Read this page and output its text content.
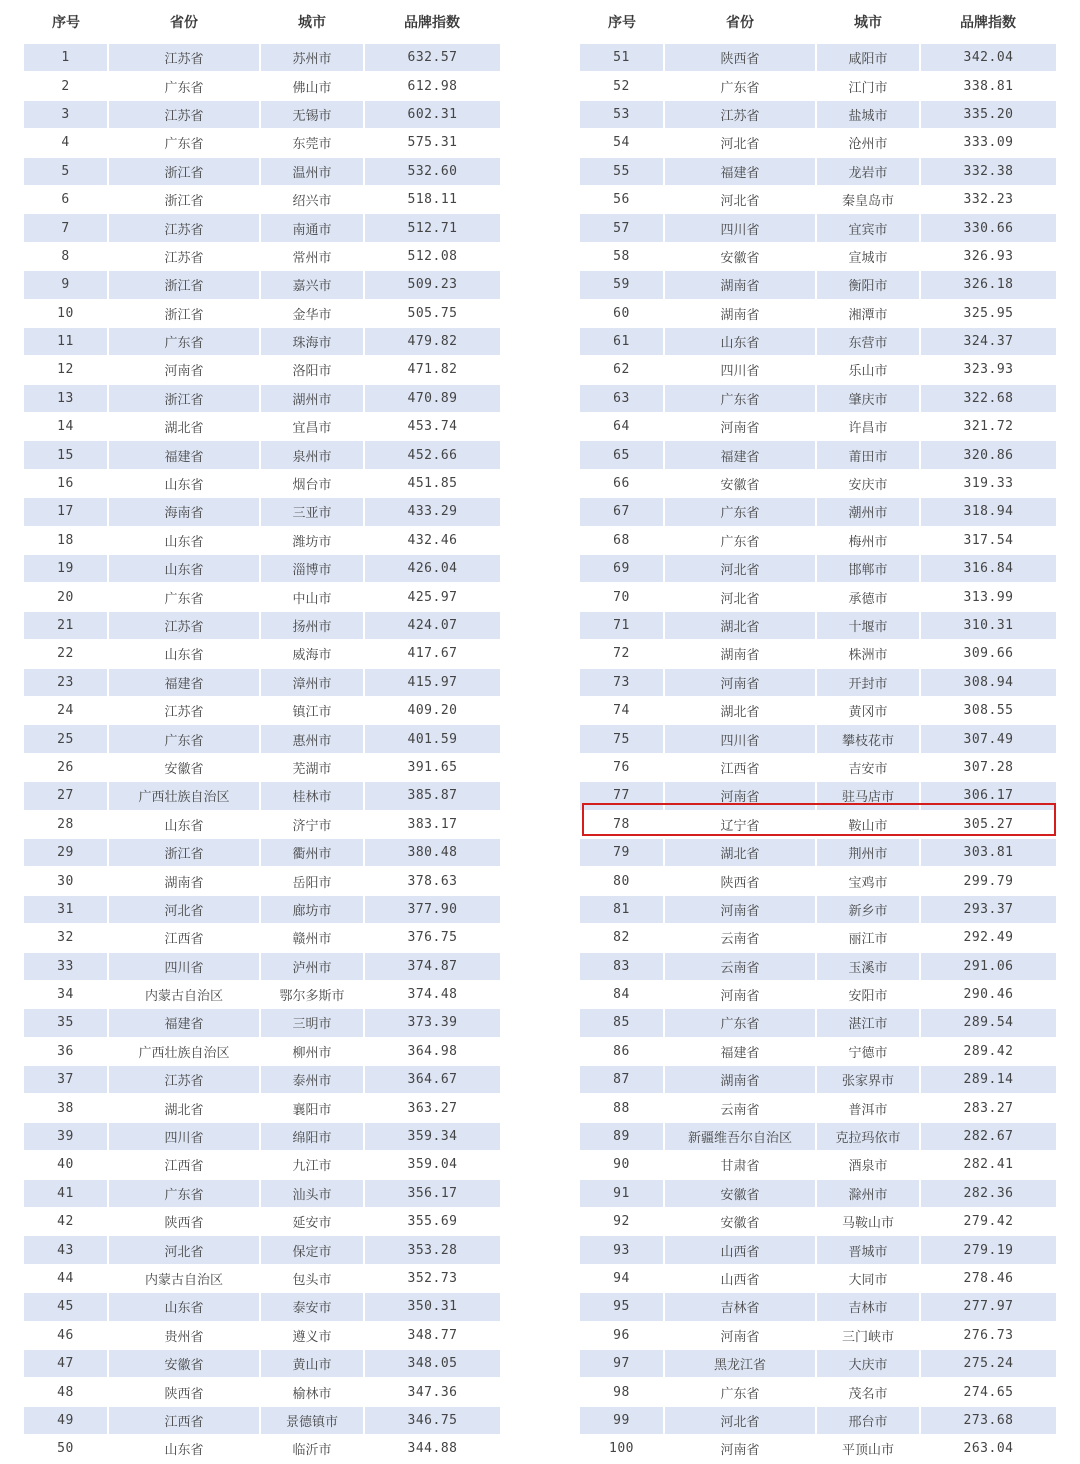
序号	省份	城市	品牌指数
1	江苏省	苏州市	632.57
2	广东省	佛山市	612.98
3	江苏省	无锡市	602.31
4	广东省	东莞市	575.31
5	浙江省	温州市	532.60
6	浙江省	绍兴市	518.11
7	江苏省	南通市	512.71
8	江苏省	常州市	512.08
9	浙江省	嘉兴市	509.23
10	浙江省	金华市	505.75
11	广东省	珠海市	479.82
12	河南省	洛阳市	471.82
13	浙江省	湖州市	470.89
14	湖北省	宜昌市	453.74
15	福建省	泉州市	452.66
16	山东省	烟台市	451.85
17	海南省	三亚市	433.29
18	山东省	潍坊市	432.46
19	山东省	淄博市	426.04
20	广东省	中山市	425.97
21	江苏省	扬州市	424.07
22	山东省	威海市	417.67
23	福建省	漳州市	415.97
24	江苏省	镇江市	409.20
25	广东省	惠州市	401.59
26	安徽省	芜湖市	391.65
27	广西壮族自治区	桂林市	385.87
28	山东省	济宁市	383.17
29	浙江省	衢州市	380.48
30	湖南省	岳阳市	378.63
31	河北省	廊坊市	377.90
32	江西省	赣州市	376.75
33	四川省	泸州市	374.87
34	内蒙古自治区	鄂尔多斯市	374.48
35	福建省	三明市	373.39
36	广西壮族自治区	柳州市	364.98
37	江苏省	泰州市	364.67
38	湖北省	襄阳市	363.27
39	四川省	绵阳市	359.34
40	江西省	九江市	359.04
41	广东省	汕头市	356.17
42	陕西省	延安市	355.69
43	河北省	保定市	353.28
44	内蒙古自治区	包头市	352.73
45	山东省	泰安市	350.31
46	贵州省	遵义市	348.77
47	安徽省	黄山市	348.05
48	陕西省	榆林市	347.36
49	江西省	景德镇市	346.75
50	山东省	临沂市	344.88
序号	省份	城市	品牌指数
51	陕西省	咸阳市	342.04
52	广东省	江门市	338.81
53	江苏省	盐城市	335.20
54	河北省	沧州市	333.09
55	福建省	龙岩市	332.38
56	河北省	秦皇岛市	332.23
57	四川省	宜宾市	330.66
58	安徽省	宣城市	326.93
59	湖南省	衡阳市	326.18
60	湖南省	湘潭市	325.95
61	山东省	东营市	324.37
62	四川省	乐山市	323.93
63	广东省	肇庆市	322.68
64	河南省	许昌市	321.72
65	福建省	莆田市	320.86
66	安徽省	安庆市	319.33
67	广东省	潮州市	318.94
68	广东省	梅州市	317.54
69	河北省	邯郸市	316.84
70	河北省	承德市	313.99
71	湖北省	十堰市	310.31
72	湖南省	株洲市	309.66
73	河南省	开封市	308.94
74	湖北省	黄冈市	308.55
75	四川省	攀枝花市	307.49
76	江西省	吉安市	307.28
77	河南省	驻马店市	306.17
78	辽宁省	鞍山市	305.27
79	湖北省	荆州市	303.81
80	陕西省	宝鸡市	299.79
81	河南省	新乡市	293.37
82	云南省	丽江市	292.49
83	云南省	玉溪市	291.06
84	河南省	安阳市	290.46
85	广东省	湛江市	289.54
86	福建省	宁德市	289.42
87	湖南省	张家界市	289.14
88	云南省	普洱市	283.27
89	新疆维吾尔自治区	克拉玛依市	282.67
90	甘肃省	酒泉市	282.41
91	安徽省	滁州市	282.36
92	安徽省	马鞍山市	279.42
93	山西省	晋城市	279.19
94	山西省	大同市	278.46
95	吉林省	吉林市	277.97
96	河南省	三门峡市	276.73
97	黑龙江省	大庆市	275.24
98	广东省	茂名市	274.65
99	河北省	邢台市	273.68
100	河南省	平顶山市	263.04
